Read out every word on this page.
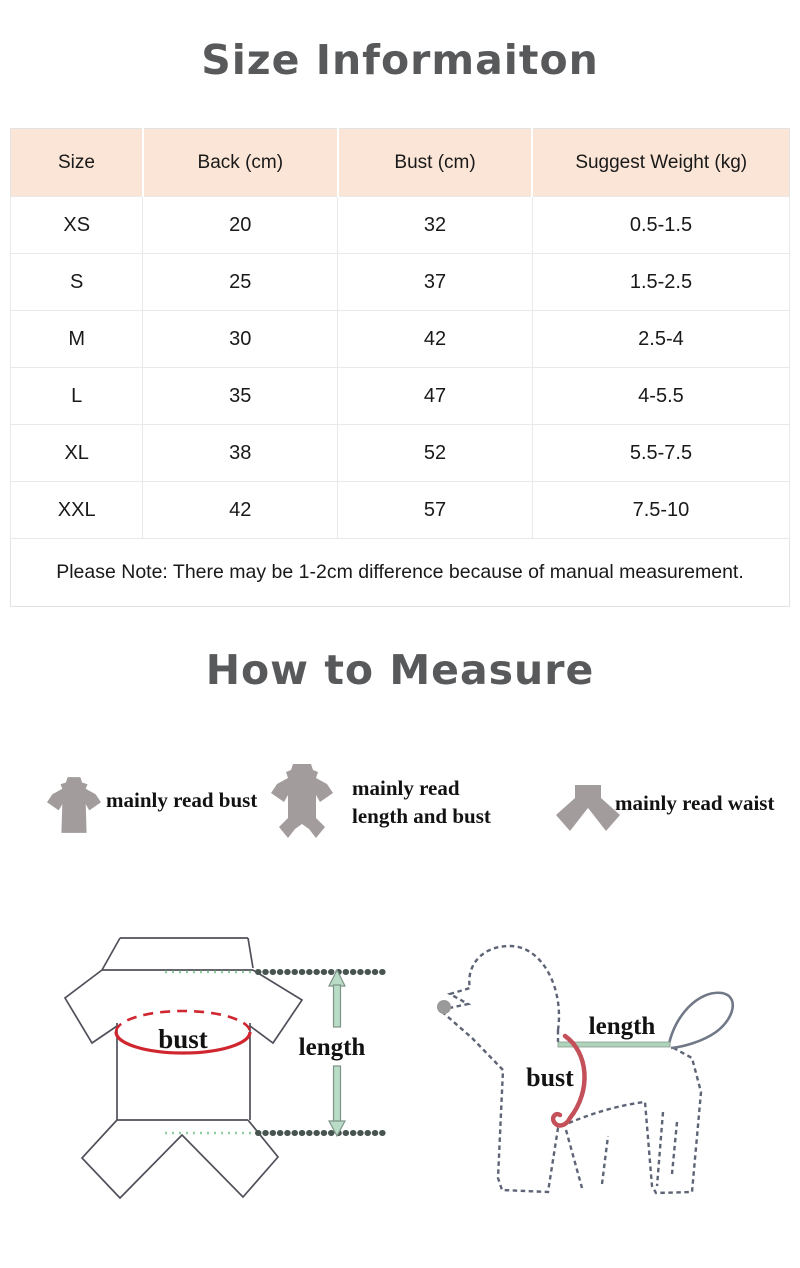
Size Informaiton
How to Measure
Size	Back (cm)	Bust (cm)	Suggest Weight (kg)
XS	20	32	0.5-1.5
S	25	37	1.5-2.5
M	30	42	2.5-4
L	35	47	4-5.5
XL	38	52	5.5-7.5
XXL	42	57	7.5-10
Please Note: There may be 1-2cm difference because of manual measurement.			
mainly read bust	mainly read
length and bust
mainly read waist
bust	length
length
bust
